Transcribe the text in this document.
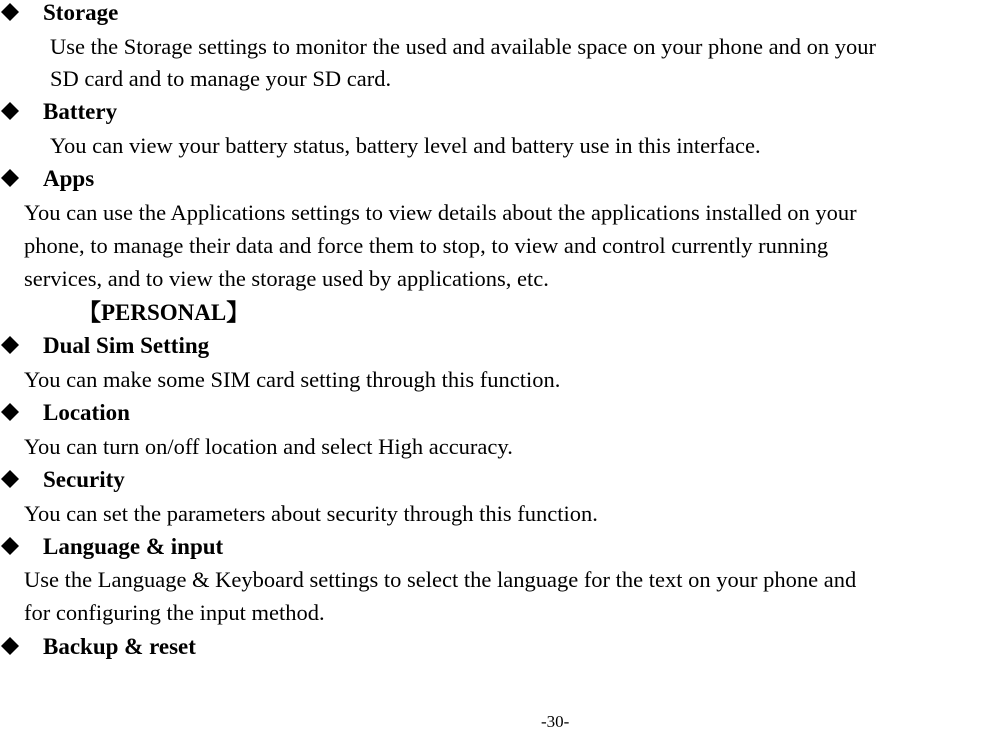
Storage
Use the Storage settings to monitor the used and available space on your phone and on your
SD card and to manage your SD card.
Battery
You can view your battery status, battery level and battery use in this interface.
Apps
You can use the Applications settings to view details about the applications installed on your
phone, to manage their data and force them to stop, to view and control currently running
services, and to view the storage used by applications, etc.
【PERSONAL】
Dual Sim Setting
You can make some SIM card setting through this function.
Location
You can turn on/off location and select High accuracy.
Security
You can set the parameters about security through this function.
Language & input
Use the Language & Keyboard settings to select the language for the text on your phone and
for configuring the input method.
Backup & reset
-30-
